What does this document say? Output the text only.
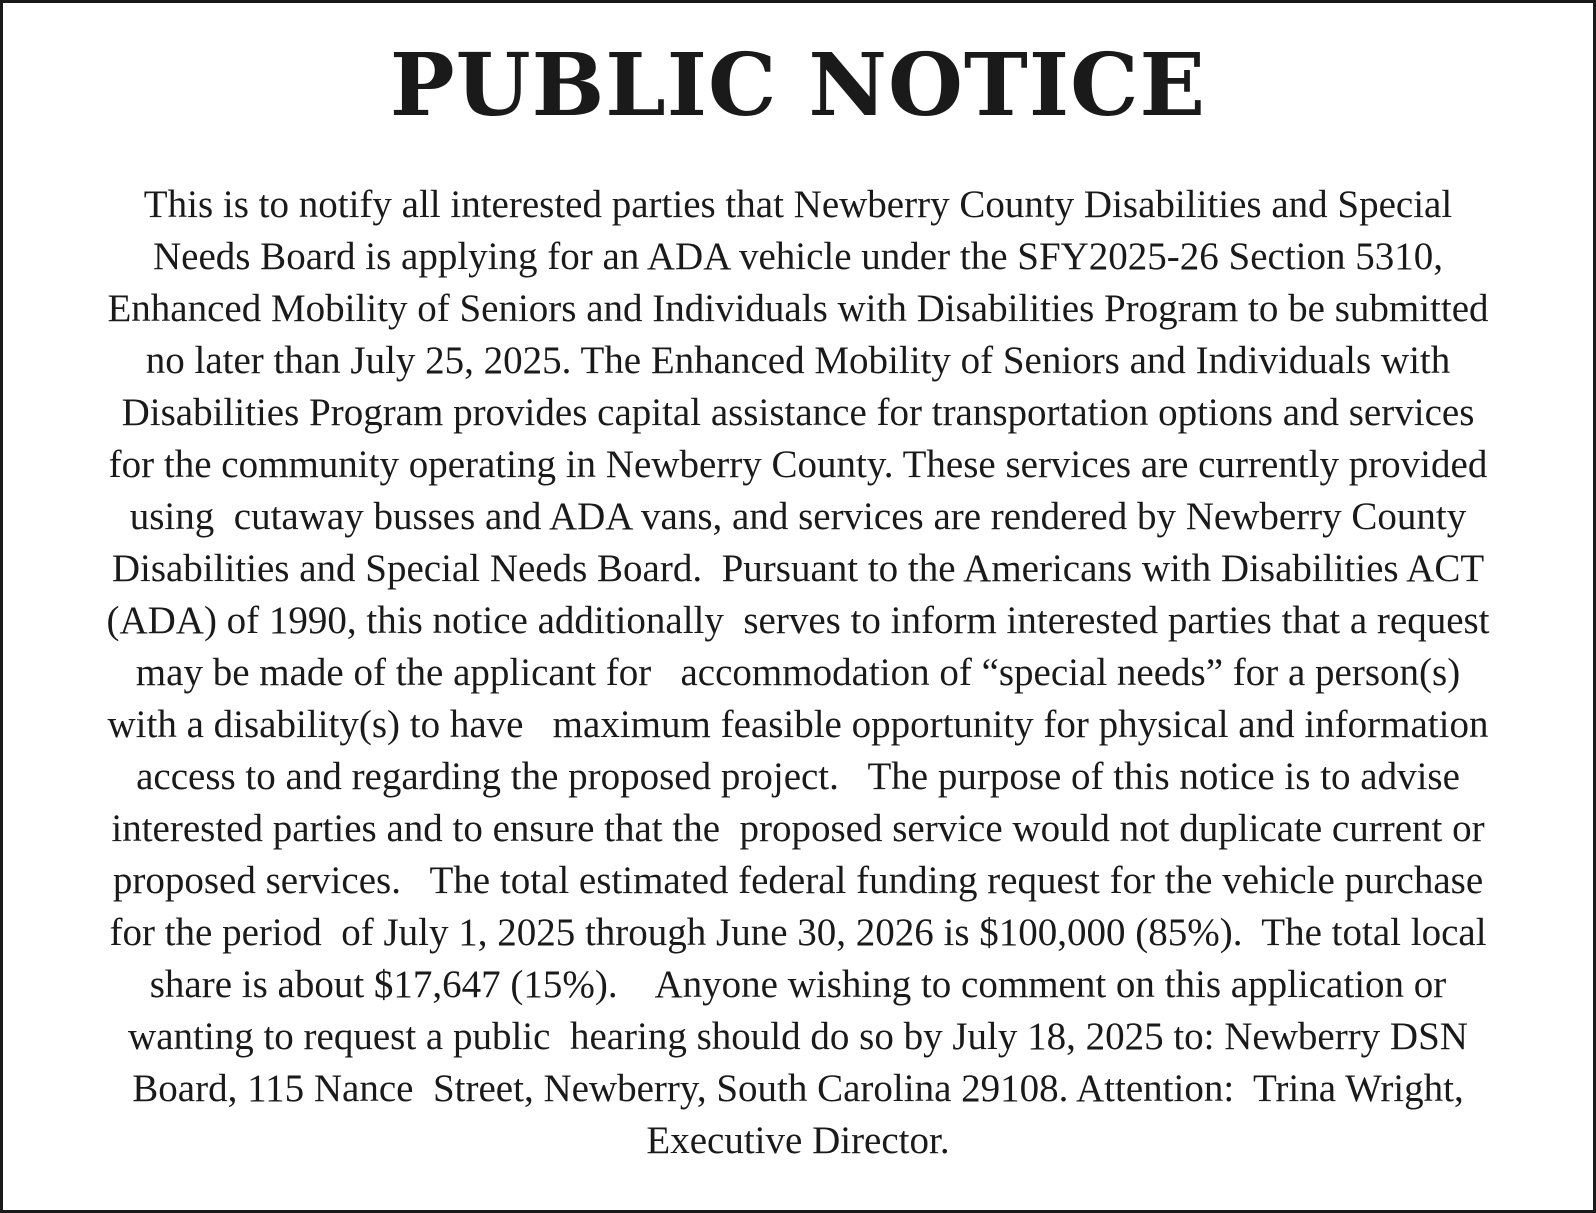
PUBLIC NOTICE
This is to notify all interested parties that Newberry County Disabilities and Special
Needs Board is applying for an ADA vehicle under the SFY2025-26 Section 5310,
Enhanced Mobility of Seniors and Individuals with Disabilities Program to be submitted
no later than July 25, 2025. The Enhanced Mobility of Seniors and Individuals with
Disabilities Program provides capital assistance for transportation options and services
for the community operating in Newberry County. These services are currently provided
using  cutaway busses and ADA vans, and services are rendered by Newberry County
Disabilities and Special Needs Board.  Pursuant to the Americans with Disabilities ACT
(ADA) of 1990, this notice additionally  serves to inform interested parties that a request
may be made of the applicant for   accommodation of “special needs” for a person(s)
with a disability(s) to have   maximum feasible opportunity for physical and information
access to and regarding the proposed project.   The purpose of this notice is to advise
interested parties and to ensure that the  proposed service would not duplicate current or
proposed services.   The total estimated federal funding request for the vehicle purchase
for the period  of July 1, 2025 through June 30, 2026 is $100,000 (85%).  The total local
share is about $17,647 (15%).    Anyone wishing to comment on this application or
wanting to request a public  hearing should do so by July 18, 2025 to: Newberry DSN
Board, 115 Nance  Street, Newberry, South Carolina 29108. Attention:  Trina Wright,
Executive Director.
